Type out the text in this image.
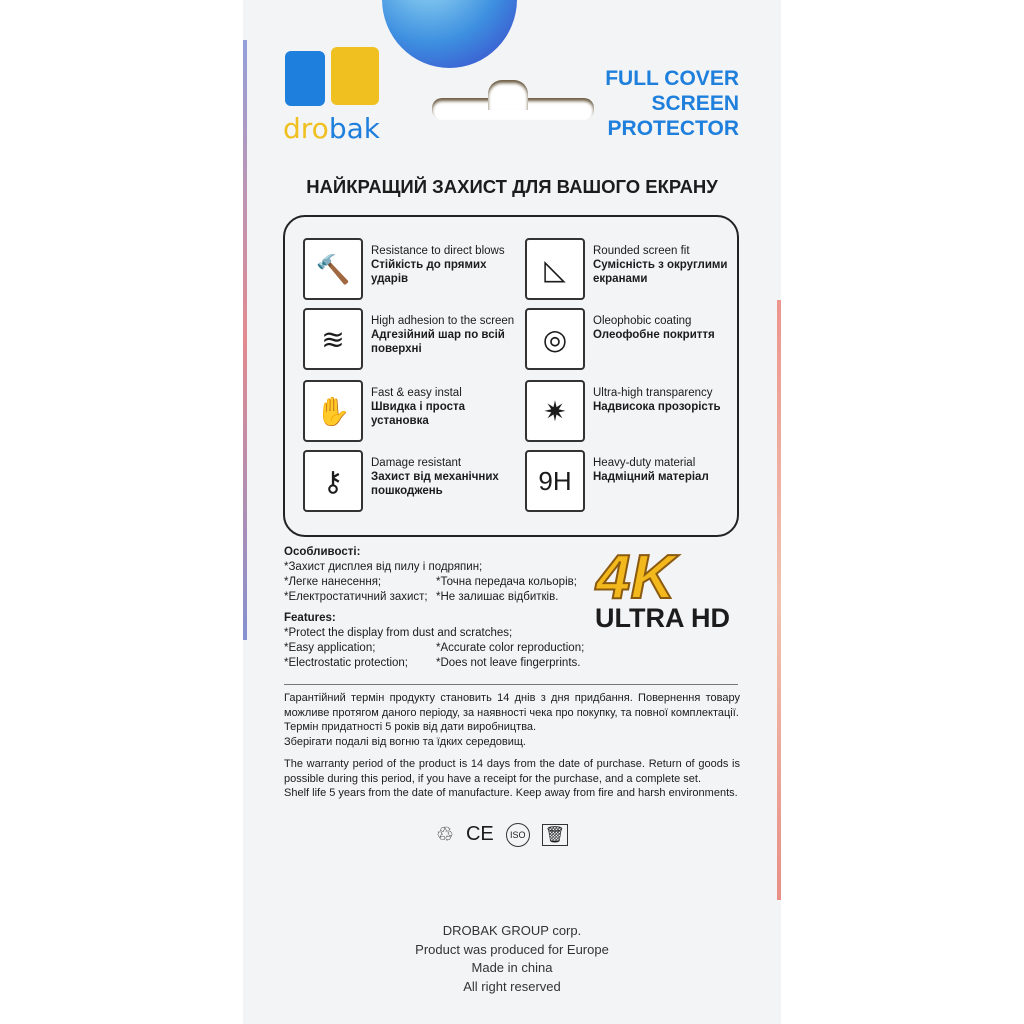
drobak
FULL COVER
SCREEN
PROTECTOR
НАЙКРАЩИЙ ЗАХИСТ ДЛЯ ВАШОГО ЕКРАНУ
🔨
Resistance to direct blows
Стійкість до прямих ударів	◺
Rounded screen fit
Сумісність з округлими екранами
≋
High adhesion to the screen
Адгезійний шар по всій поверхні	◎
Oleophobic coating
Олеофобне покриття
✋
Fast & easy instal
Швидка і проста установка	✷
Ultra-high transparency
Надвисока прозорість
⚷
Damage resistant
Захист від механічних пошкоджень	9H
Heavy-duty material
Надміцний матеріал
Особливості:
*Захист дисплея від пилу і подряпин;
*Легке нанесення;	*Точна передача кольорів;
*Електростатичний захист; *Не залишає відбитків.
Features:
*Protect the display from dust and scratches;
*Easy application;	*Accurate color reproduction;
*Electrostatic protection;	*Does not leave fingerprints.
4K
ULTRA HD
Гарантійний термін продукту становить 14 днів з дня придбання. Повернення товару можливе протягом даного періоду, за наявності чека про покупку, та повної комплектації.
Термін придатності 5 років від дати виробництва.
Зберігати подалі від вогню та їдких середовищ.
The warranty period of the product is 14 days from the date of purchase. Return of goods is possible during this period, if you have a receipt for the purchase, and a complete set.
Shelf life 5 years from the date of manufacture. Keep away from fire and harsh environments.
♲ CE	ISO 🗑
DROBAK GROUP corp.
Product was produced for Europe
Made in china
All right reserved
